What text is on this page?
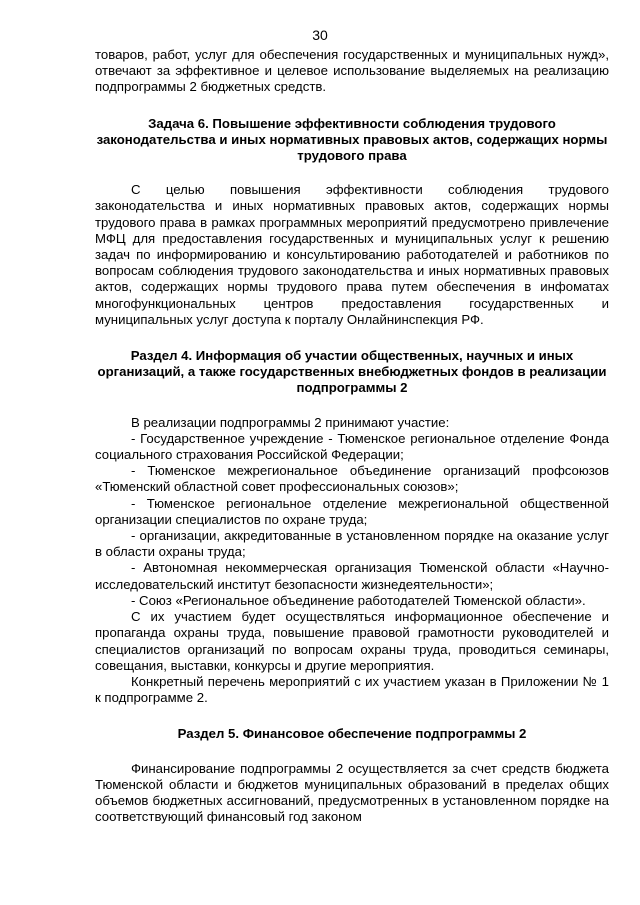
30

товаров, работ, услуг для обеспечения государственных и муниципальных нужд», отвечают за эффективное и целевое использование выделяемых на реализацию подпрограммы 2 бюджетных средств.

Задача 6. Повышение эффективности соблюдения трудового законодательства и иных нормативных правовых актов, содержащих нормы трудового права

С целью повышения эффективности соблюдения трудового законодательства и иных нормативных правовых актов, содержащих нормы трудового права в рамках программных мероприятий предусмотрено привлечение МФЦ для предоставления государственных и муниципальных услуг к решению задач по информированию и консультированию работодателей и работников по вопросам соблюдения трудового законодательства и иных нормативных правовых актов, содержащих нормы трудового права путем обеспечения в инфоматах многофункциональных центров предоставления государственных и муниципальных услуг доступа к порталу Онлайнинспекция РФ.

Раздел 4. Информация об участии общественных, научных и иных организаций, а также государственных внебюджетных фондов в реализации подпрограммы 2

В реализации подпрограммы 2 принимают участие:

- Государственное учреждение - Тюменское региональное отделение Фонда социального страхования Российской Федерации;

- Тюменское межрегиональное объединение организаций профсоюзов «Тюменский областной совет профессиональных союзов»;

- Тюменское региональное отделение межрегиональной общественной организации специалистов по охране труда;

- организации, аккредитованные в установленном порядке на оказание услуг в области охраны труда;

- Автономная некоммерческая организация Тюменской области «Научно-исследовательский институт безопасности жизнедеятельности»;

- Союз «Региональное объединение работодателей Тюменской области».

С их участием будет осуществляться информационное обеспечение и пропаганда охраны труда, повышение правовой грамотности руководителей и специалистов организаций по вопросам охраны труда, проводиться семинары, совещания, выставки, конкурсы и другие мероприятия.

Конкретный перечень мероприятий с их участием указан в Приложении № 1 к подпрограмме 2.

Раздел 5. Финансовое обеспечение подпрограммы 2

Финансирование подпрограммы 2 осуществляется за счет средств бюджета Тюменской области и бюджетов муниципальных образований в пределах общих объемов бюджетных ассигнований, предусмотренных в установленном порядке на соответствующий финансовый год законом
